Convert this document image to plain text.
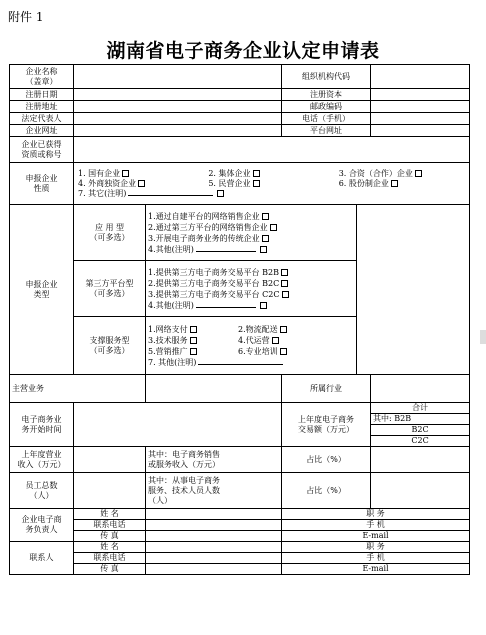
附件 1
湖南省电子商务企业认定申请表
企业名称
（盖章）		组织机构代码	
注册日期		注册资本	
注册地址		邮政编码	
法定代表人		电话（手机）	
企业网址		平台网址	
企业已获得
资质或称号	
申报企业
性质	
1. 国有企业	2. 集体企业	3. 合资（合作）企业
4. 外商独资企业	5. 民营企业	6. 股份制企业
7. 其它(注明)

申报企业
类型	应 用 型
（可多选）	
1.通过自建平台的网络销售企业
2.通过第三方平台的网络销售企业
3.开展电子商务业务的传统企业
4.其他(注明)

第三方平台型
（可多选）	
1.提供第三方电子商务交易平台 B2B
2.提供第三方电子商务交易平台 B2C
3.提供第三方电子商务交易平台 C2C
4.其他(注明)

支撑服务型
（可多选）	
1.网络支付	2.物流配送
3.技术服务	4.代运营
5.营销推广	6.专业培训
7. 其他(注明)

主营业务		所属行业	
电子商务业
务开始时间		上年度电子商务
交易额（万元）	合计
其中: B2B
B2C
C2C
上年度营业
收入（万元）		其中：电子商务销售
或服务收入（万元）	占比（%）	
员工总数
（人）		其中：从事电子商务
服务、技术人员人数
（人）	占比（%）	
企业电子商
务负责人	姓 名		职 务
联系电话		手 机
传 真		E-mail
联系人	姓 名		职 务
联系电话		手 机
传 真		E-mail
